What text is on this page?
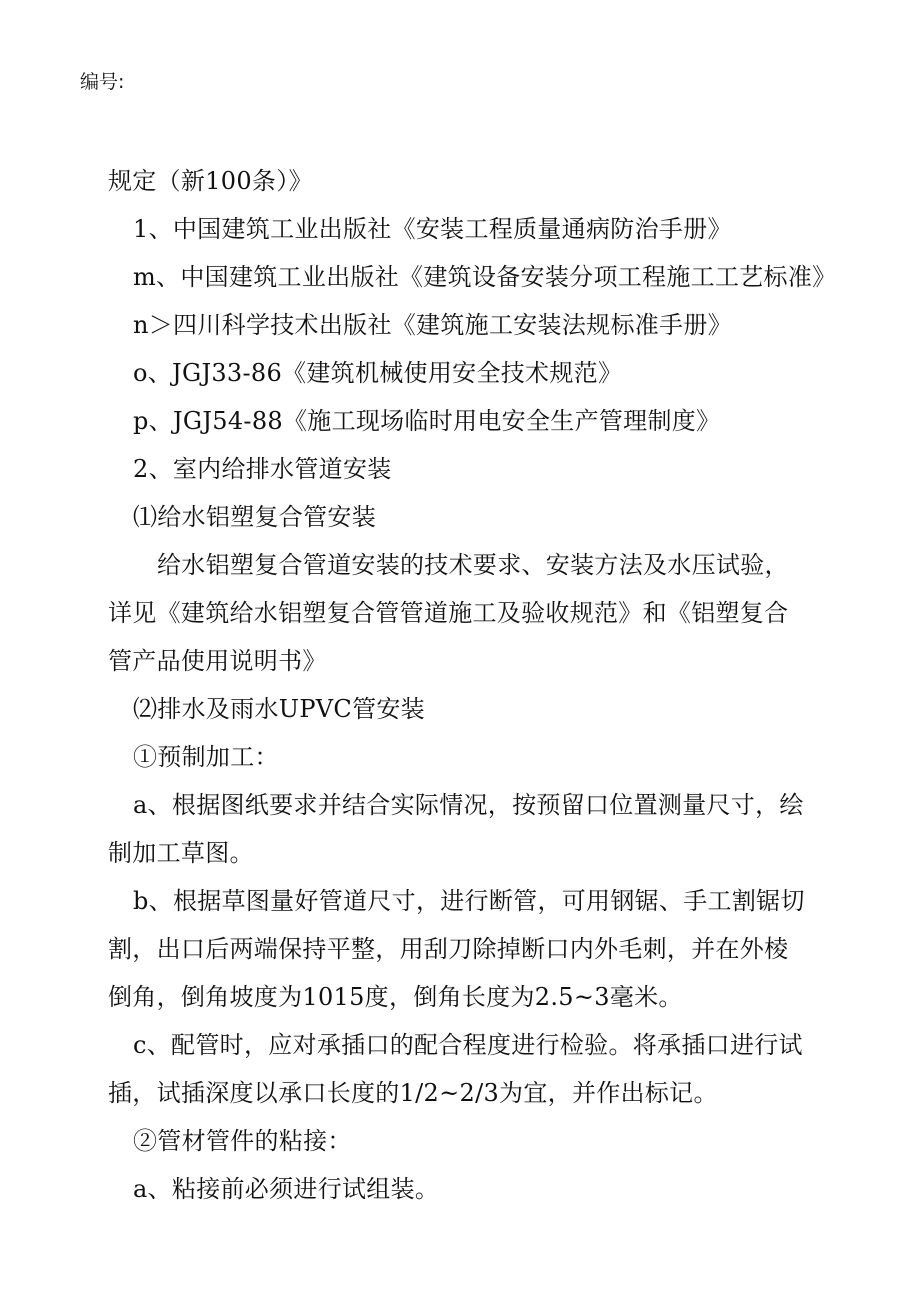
编号:
规定（新100条）》
1、中国建筑工业出版社《安装工程质量通病防治手册》
m、中国建筑工业出版社《建筑设备安装分项工程施工工艺标准》
n＞四川科学技术出版社《建筑施工安装法规标准手册》
o、JGJ33-86《建筑机械使用安全技术规范》
p、JGJ54-88《施工现场临时用电安全生产管理制度》
2、室内给排水管道安装
⑴给水铝塑复合管安装
给水铝塑复合管道安装的技术要求、安装方法及水压试验，
详见《建筑给水铝塑复合管管道施工及验收规范》和《铝塑复合
管产品使用说明书》
⑵排水及雨水UPVC管安装
①预制加工：
a、根据图纸要求并结合实际情况，按预留口位置测量尺寸，绘
制加工草图。
b、根据草图量好管道尺寸，进行断管，可用钢锯、手工割锯切
割，出口后两端保持平整，用刮刀除掉断口内外毛刺，并在外棱
倒角，倒角坡度为1015度，倒角长度为2.5~3毫米。
c、配管时，应对承插口的配合程度进行检验。将承插口进行试
插，试插深度以承口长度的1/2~2/3为宜，并作出标记。
②管材管件的粘接：
a、粘接前必须进行试组装。
